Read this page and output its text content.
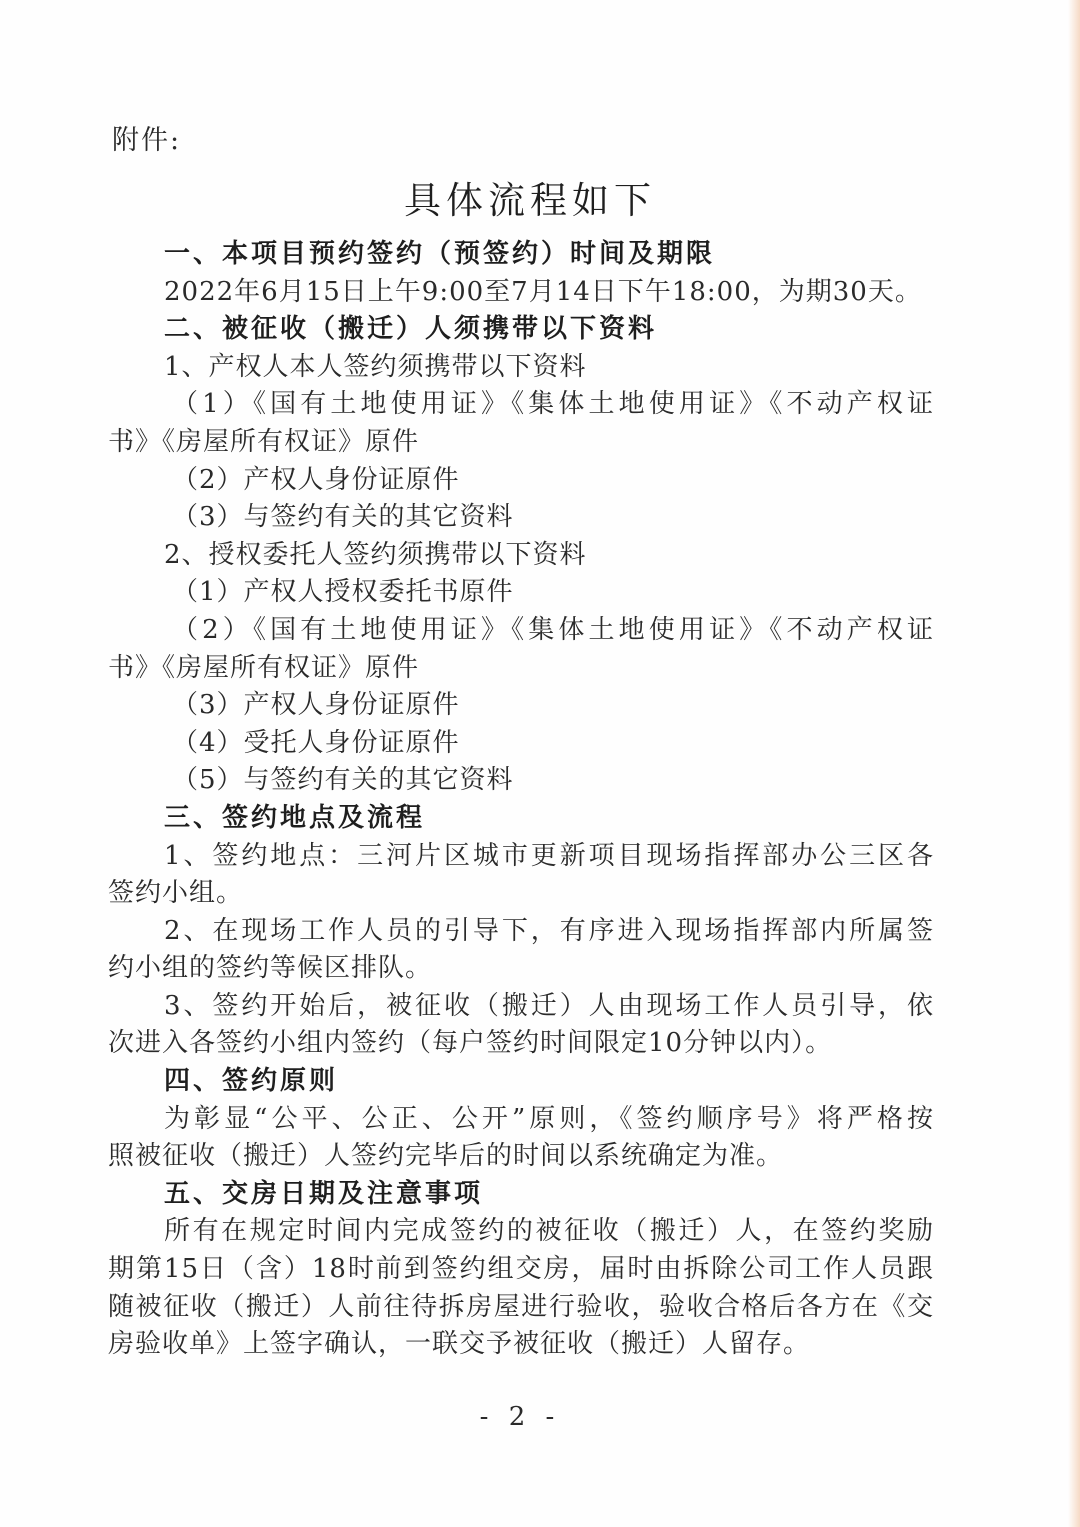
附件:
具体流程如下
一、本项目预约签约（预签约）时间及期限
2022年6月15日上午9:00至7月14日下午18:00，为期30天。
二、被征收（搬迁）人须携带以下资料
1、产权人本人签约须携带以下资料
（1）《国有土地使用证》《集体土地使用证》《不动产权证
书》《房屋所有权证》原件
（2）产权人身份证原件
（3）与签约有关的其它资料
2、授权委托人签约须携带以下资料
（1）产权人授权委托书原件
（2）《国有土地使用证》《集体土地使用证》《不动产权证
书》《房屋所有权证》原件
（3）产权人身份证原件
（4）受托人身份证原件
（5）与签约有关的其它资料
三、签约地点及流程
1、签约地点：三河片区城市更新项目现场指挥部办公三区各
签约小组。
2、在现场工作人员的引导下，有序进入现场指挥部内所属签
约小组的签约等候区排队。
3、签约开始后，被征收（搬迁）人由现场工作人员引导，依
次进入各签约小组内签约（每户签约时间限定10分钟以内）。
四、签约原则
为彰显“公平、公正、公开”原则，《签约顺序号》将严格按
照被征收（搬迁）人签约完毕后的时间以系统确定为准。
五、交房日期及注意事项
所有在规定时间内完成签约的被征收（搬迁）人，在签约奖励
期第15日（含）18时前到签约组交房，届时由拆除公司工作人员跟
随被征收（搬迁）人前往待拆房屋进行验收，验收合格后各方在《交
房验收单》上签字确认，一联交予被征收（搬迁）人留存。
- 2 -
